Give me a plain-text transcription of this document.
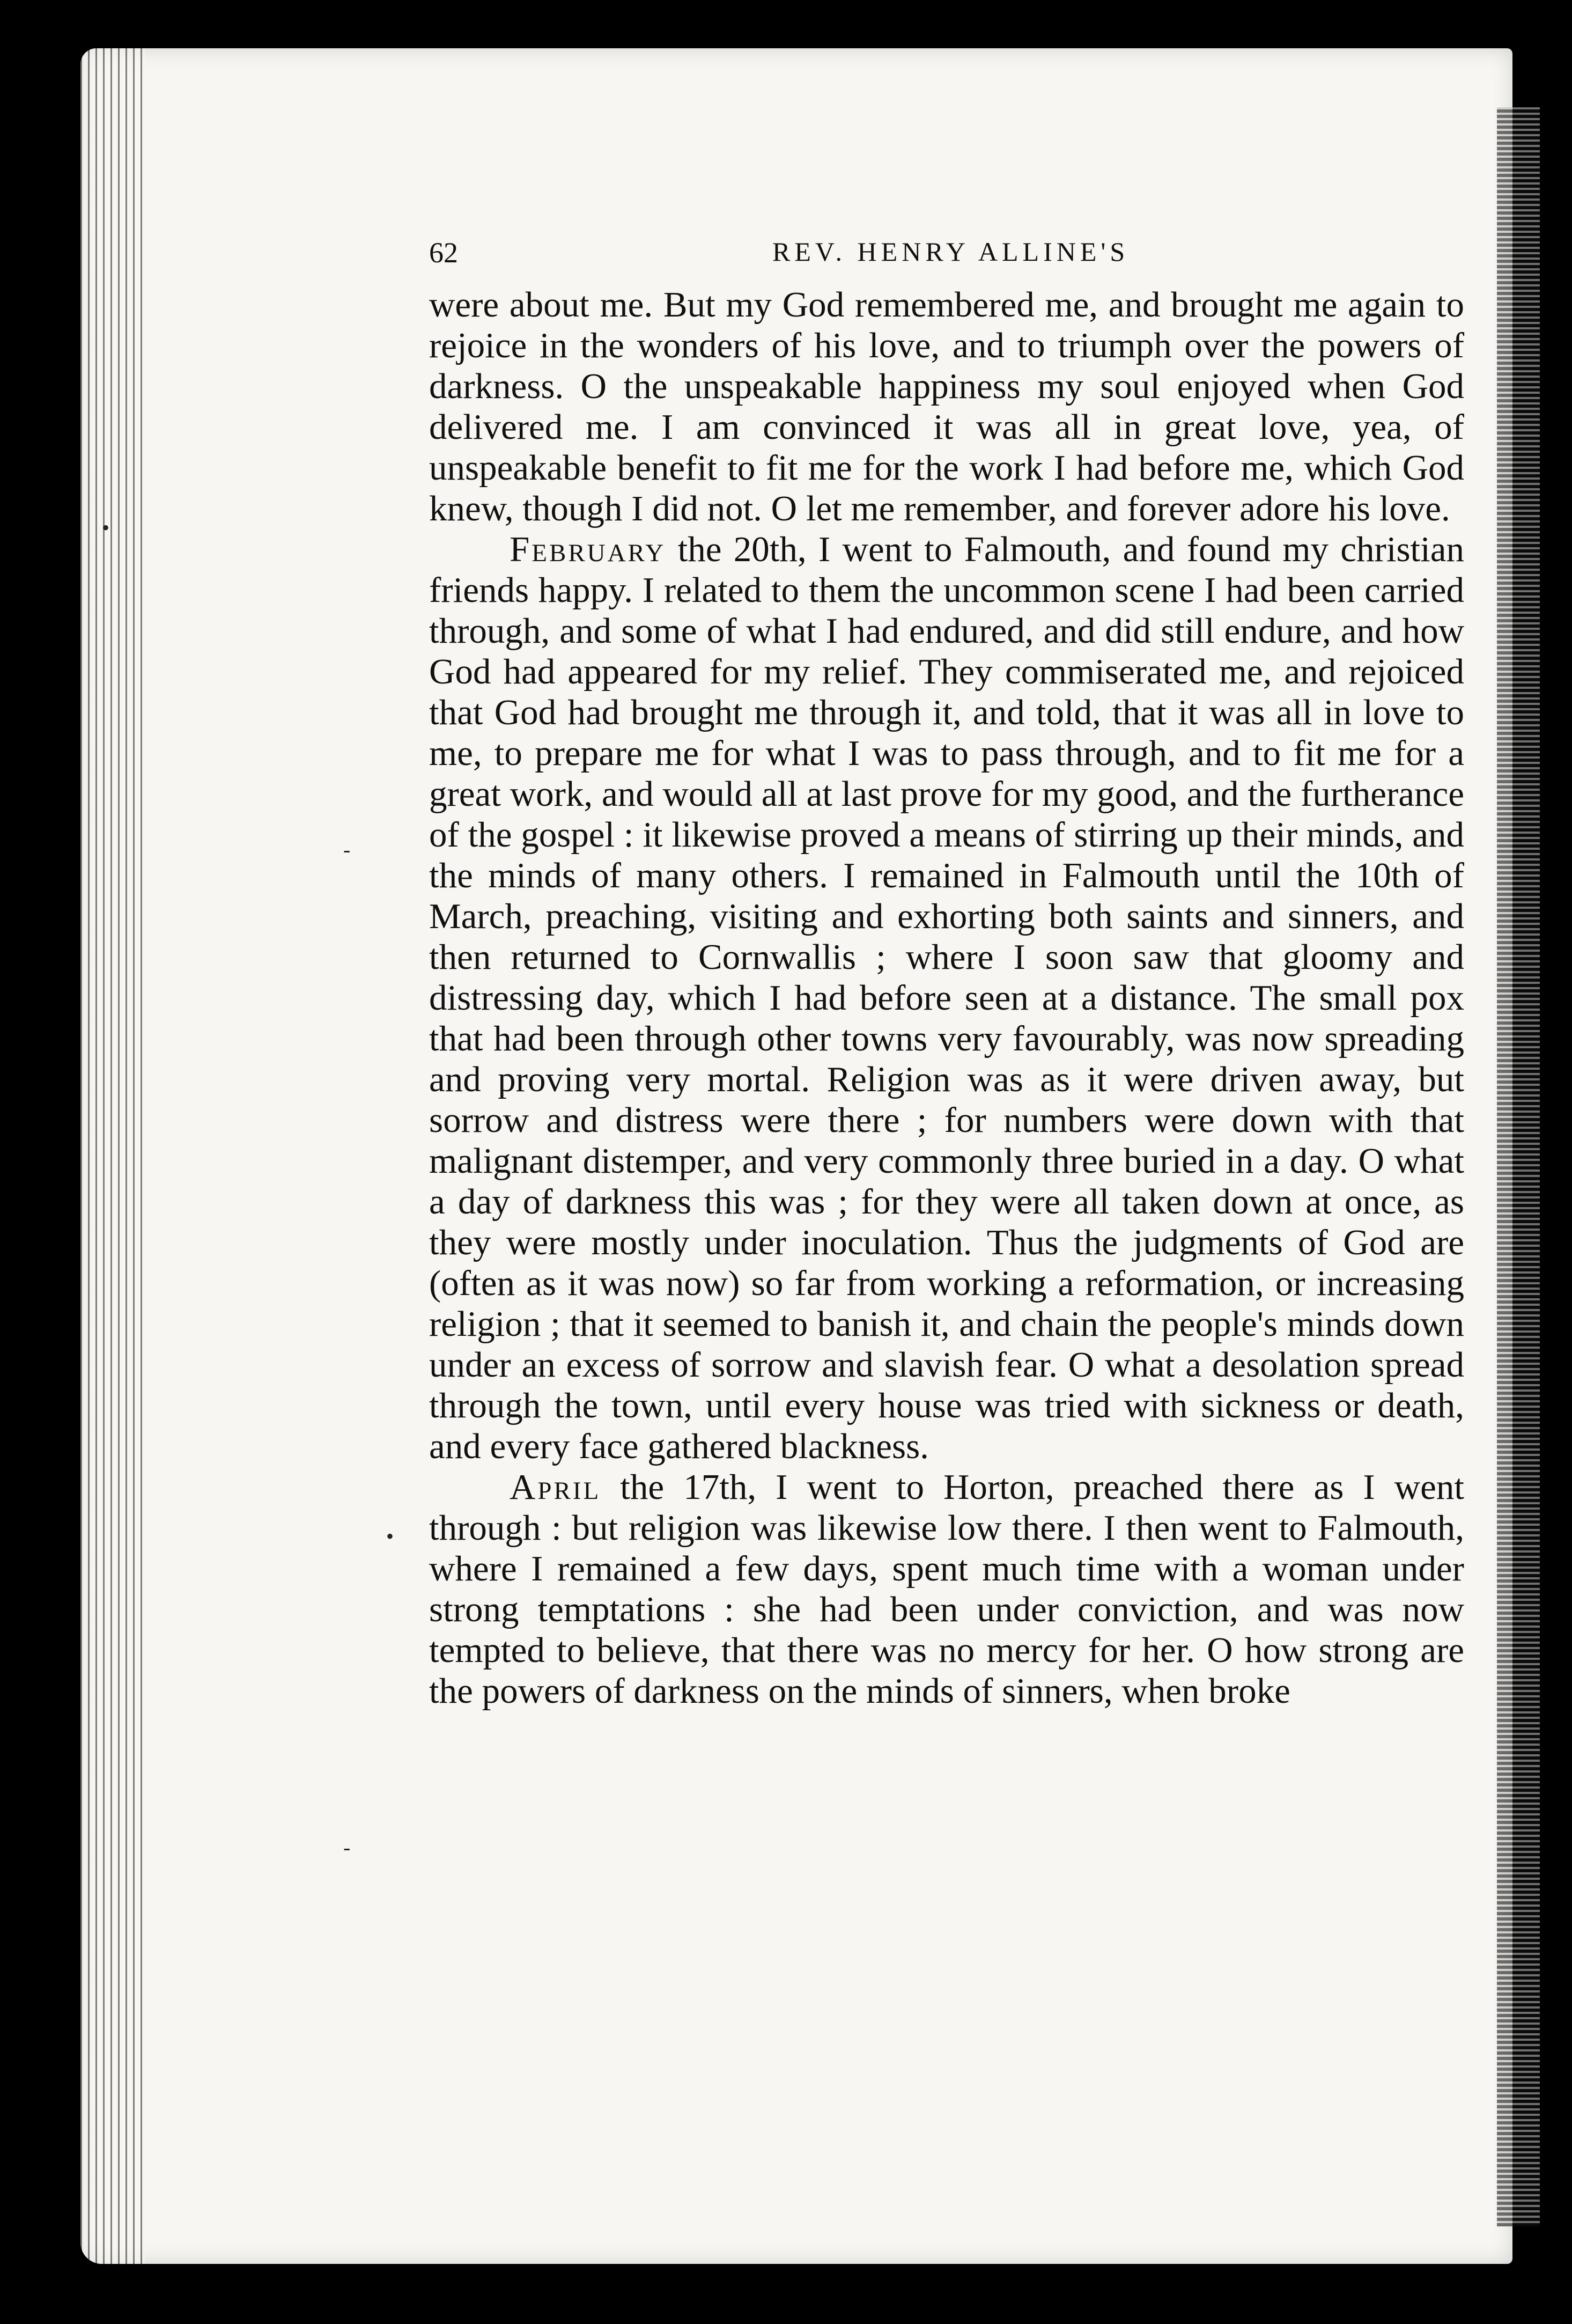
•
-
•
-
62	REV. HENRY ALLINE'S

were about me. But my God remembered me, and brought me again to rejoice in the wonders of his love, and to triumph over the powers of darkness. O the unspeakable happiness my soul enjoyed when God delivered me. I am convinced it was all in great love, yea, of unspeakable benefit to fit me for the work I had before me, which God knew, though I did not. O let me remember, and forever adore his love.

February the 20th, I went to Falmouth, and found my christian friends happy. I related to them the uncommon scene I had been carried through, and some of what I had endured, and did still endure, and how God had appeared for my relief. They commiserated me, and rejoiced that God had brought me through it, and told, that it was all in love to me, to prepare me for what I was to pass through, and to fit me for a great work, and would all at last prove for my good, and the furtherance of the gospel : it likewise proved a means of stirring up their minds, and the minds of many others. I remained in Falmouth until the 10th of March, preaching, visiting and exhorting both saints and sinners, and then returned to Cornwallis ; where I soon saw that gloomy and distressing day, which I had before seen at a distance. The small pox that had been through other towns very favourably, was now spreading and proving very mortal. Religion was as it were driven away, but sorrow and distress were there ; for numbers were down with that malignant distemper, and very commonly three buried in a day. O what a day of darkness this was ; for they were all taken down at once, as they were mostly under inoculation. Thus the judgments of God are (often as it was now) so far from working a reformation, or increasing religion ; that it seemed to banish it, and chain the people's minds down under an excess of sorrow and slavish fear. O what a desolation spread through the town, until every house was tried with sickness or death, and every face gathered blackness.

April the 17th, I went to Horton, preached there as I went through : but religion was likewise low there. I then went to Falmouth, where I remained a few days, spent much time with a woman under strong temptations : she had been under conviction, and was now tempted to believe, that there was no mercy for her. O how strong are the powers of darkness on the minds of sinners, when broke
